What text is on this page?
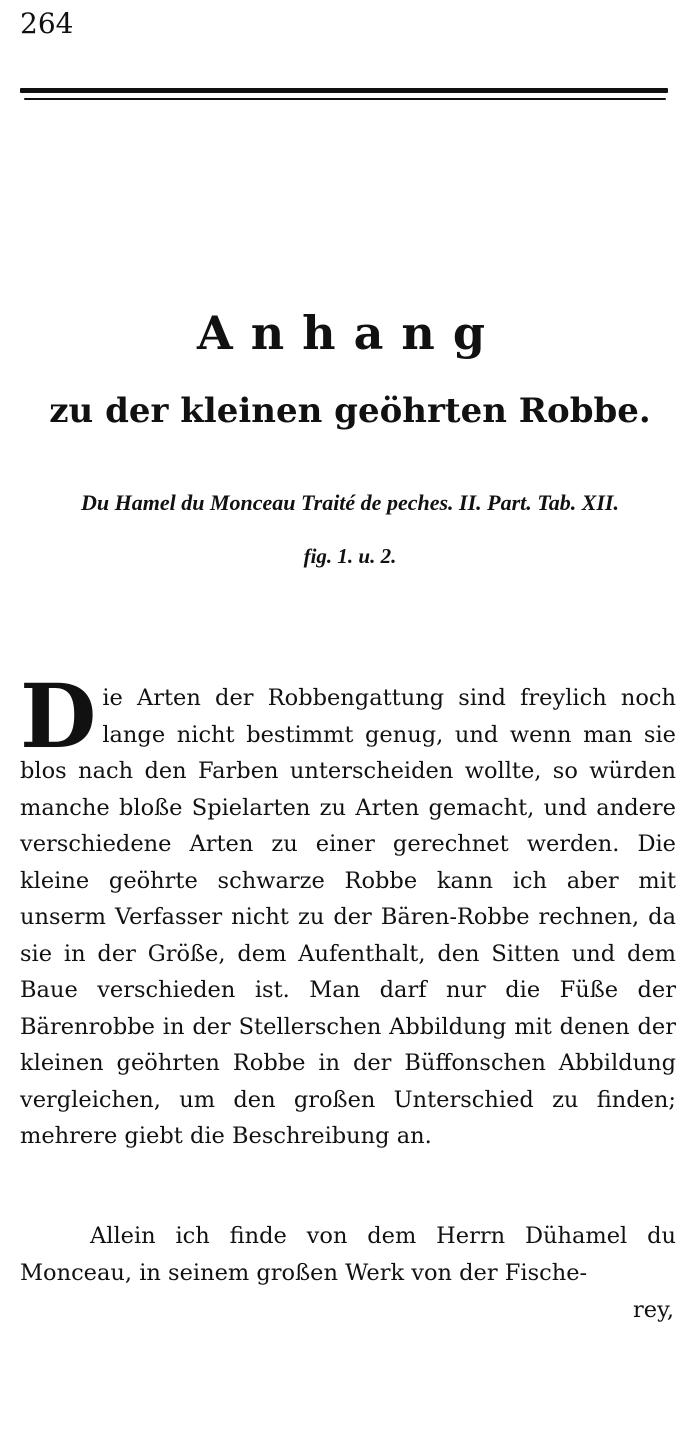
264
Anhang
zu der kleinen geöhrten Robbe.
Du Hamel du Monceau Traité de peches. II. Part. Tab. XII.
fig. 1. u. 2.
D ie Arten der Robbengattung sind freylich noch lange nicht bestimmt genug, und wenn man sie blos nach den Farben unterscheiden wollte, so würden manche bloße Spielarten zu Arten gemacht, und andere verschiedene Arten zu einer gerechnet werden. Die kleine geöhrte schwarze Robbe kann ich aber mit unserm Verfasser nicht zu der Bären-Robbe rechnen, da sie in der Größe, dem Aufenthalt, den Sitten und dem Baue verschieden ist. Man darf nur die Füße der Bärenrobbe in der Stellerschen Abbildung mit denen der kleinen geöhrten Robbe in der Büffonschen Abbildung vergleichen, um den großen Unterschied zu finden; mehrere giebt die Beschreibung an.
Allein ich finde von dem Herrn Dühamel du Monceau, in seinem großen Werk von der Fische-
rey,
